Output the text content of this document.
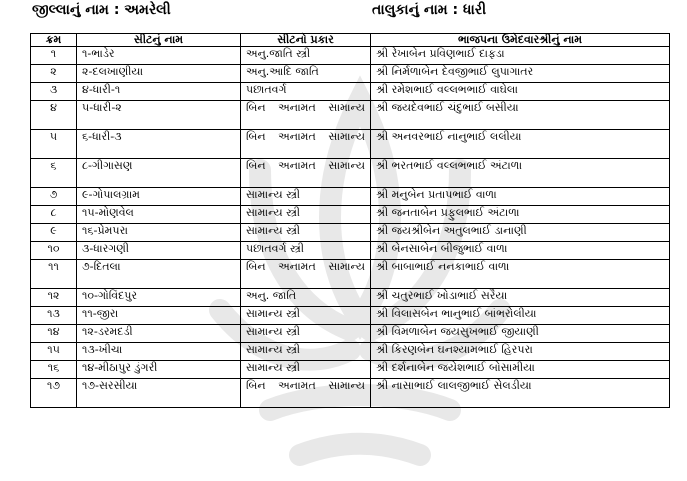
જીલ્લાનું નામ : અમરેલી	તાલુકાનું નામ : ધારી
ક્રમ	સીટનું નામ	સીટનો પ્રકાર	ભાજપના ઉમેદવારશ્રીનું નામ
૧	૧-ભાડેર	અનુ.જાતિ સ્ત્રી	શ્રી રેખાબેન પ્રવિણભાઈ દાફડા
૨	૨-દલખાણીયા	અનુ.આદિ જાતિ	શ્રી નિર્મળાબેન દેવજીભાઈ લુપાગાતર
૩	૪-ધારી-૧	પછાતવર્ગ	શ્રી રમેશભાઈ વલ્લભભાઈ વાઘેલા
૪	૫-ધારી-૨	બિન અનામત સામાન્ય	શ્રી જયદેવભાઈ ચંદુભાઈ બસીયા
૫	૬-ધારી-૩	બિન અનામત સામાન્ય	શ્રી અનવરભાઈ નાનુભાઈ લલીયા
૬	૮-ગીગાસણ	બિન અનામત સામાન્ય	શ્રી ભરતભાઈ વલ્લભભાઈ અંટાળા
૭	૯-ગોપાલગ્રામ	સામાન્ય સ્ત્રી	શ્રી મનુબેન પ્રતાપભાઈ વાળા
૮	૧૫-મોણવેલ	સામાન્ય સ્ત્રી	શ્રી જનતાબેન પ્રફુલભાઈ અંટાળા
૯	૧૬-પ્રેમપરા	સામાન્ય સ્ત્રી	શ્રી જયશ્રીબેન અતુલભાઈ ડાનાણી
૧૦	૩-ધારગણી	પછાતવર્ગ સ્ત્રી	શ્રી બેનસાબેન બીજુભાઈ વાળા
૧૧	૭-દિતલા	બિન અનામત સામાન્ય	શ્રી બાબાભાઈ નનકાભાઈ વાળા
૧૨	૧૦-ગોવિંદપુર	અનુ. જાતિ	શ્રી ચતુરભાઈ ખોડાભાઈ સરૈયા
૧૩	૧૧-જીરા	સામાન્ય સ્ત્રી	શ્રી વિલાસબેન ભાનુભાઈ બાંભરોલીયા
૧૪	૧૨-ડરમદડી	સામાન્ય સ્ત્રી	શ્રી વિમળાબેન જયસુખભાઈ જીયાણી
૧૫	૧૩-ખીચા	સામાન્ય સ્ત્રી	શ્રી કિરણબેન ઘનશ્યામભાઈ હિરપરા
૧૬	૧૪-મીઠાપુર ડુંગરી	સામાન્ય સ્ત્રી	શ્રી દર્શનાબેન જયેશભાઈ બોસામીયા
૧૭	૧૭-સરસીયા	બિન અનામત સામાન્ય	શ્રી નાસાભાઈ લાલજીભાઈ સેલડીયા
